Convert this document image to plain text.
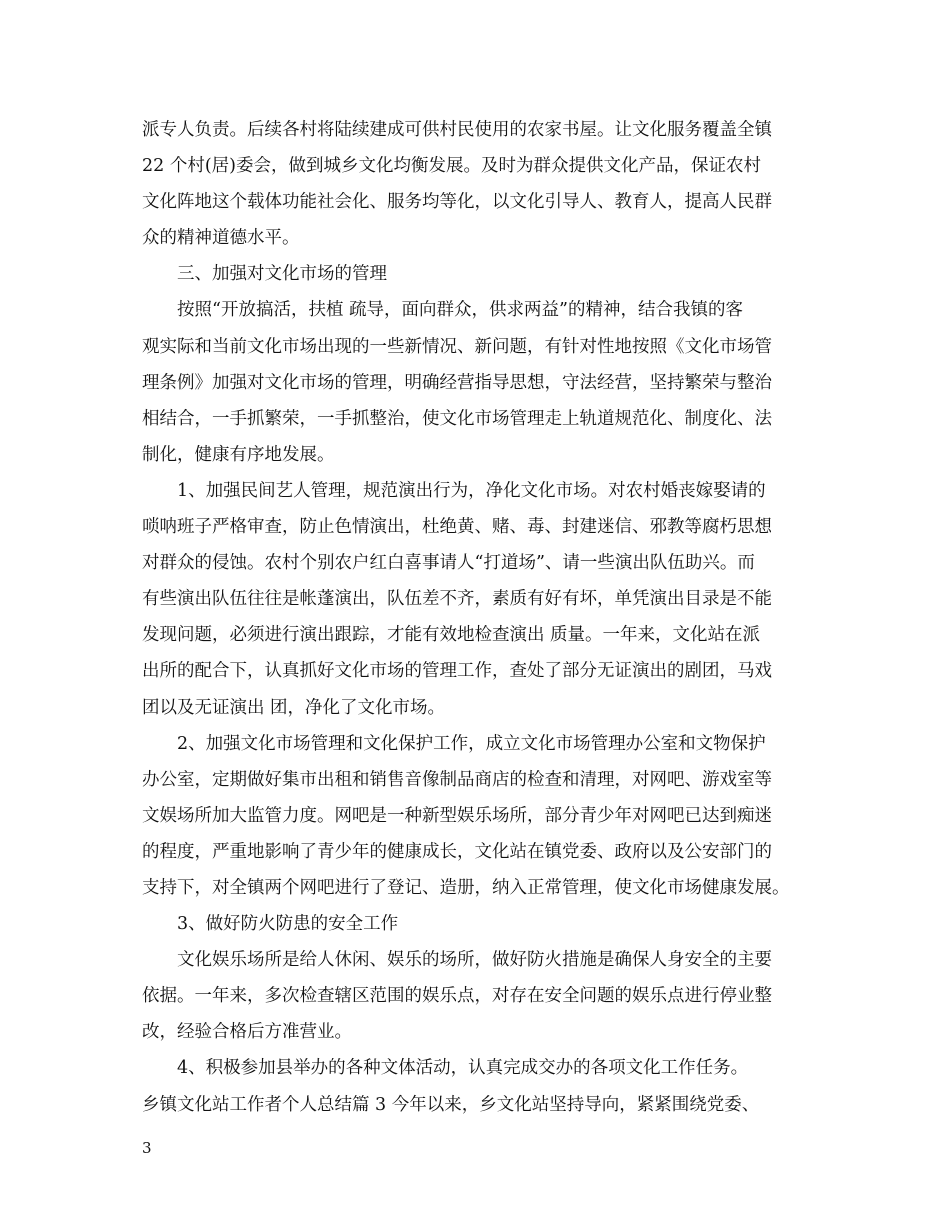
派专人负责。后续各村将陆续建成可供村民使用的农家书屋。让文化服务覆盖全镇
22 个村(居)委会，做到城乡文化均衡发展。及时为群众提供文化产品，保证农村
文化阵地这个载体功能社会化、服务均等化，以文化引导人、教育人，提高人民群
众的精神道德水平。
三、加强对文化市场的管理
按照“开放搞活，扶植 疏导，面向群众，供求两益”的精神，结合我镇的客
观实际和当前文化市场出现的一些新情况、新问题，有针对性地按照《文化市场管
理条例》加强对文化市场的管理，明确经营指导思想，守法经营，坚持繁荣与整治
相结合，一手抓繁荣，一手抓整治，使文化市场管理走上轨道规范化、制度化、法
制化，健康有序地发展。
1、加强民间艺人管理，规范演出行为，净化文化市场。对农村婚丧嫁娶请的
唢呐班子严格审查，防止色情演出，杜绝黄、赌、毒、封建迷信、邪教等腐朽思想
对群众的侵蚀。农村个别农户红白喜事请人“打道场”、请一些演出队伍助兴。而
有些演出队伍往往是帐蓬演出，队伍差不齐，素质有好有坏，单凭演出目录是不能
发现问题，必须进行演出跟踪，才能有效地检查演出 质量。一年来，文化站在派
出所的配合下，认真抓好文化市场的管理工作，查处了部分无证演出的剧团，马戏
团以及无证演出 团，净化了文化市场。
2、加强文化市场管理和文化保护工作，成立文化市场管理办公室和文物保护
办公室，定期做好集市出租和销售音像制品商店的检查和清理，对网吧、游戏室等
文娱场所加大监管力度。网吧是一种新型娱乐场所，部分青少年对网吧已达到痴迷
的程度，严重地影响了青少年的健康成长，文化站在镇党委、政府以及公安部门的
支持下，对全镇两个网吧进行了登记、造册，纳入正常管理，使文化市场健康发展。
3、做好防火防患的安全工作
文化娱乐场所是给人休闲、娱乐的场所，做好防火措施是确保人身安全的主要
依据。一年来，多次检查辖区范围的娱乐点，对存在安全问题的娱乐点进行停业整
改，经验合格后方准营业。
4、积极参加县举办的各种文体活动，认真完成交办的各项文化工作任务。
乡镇文化站工作者个人总结篇 3 今年以来，乡文化站坚持导向，紧紧围绕党委、
3
